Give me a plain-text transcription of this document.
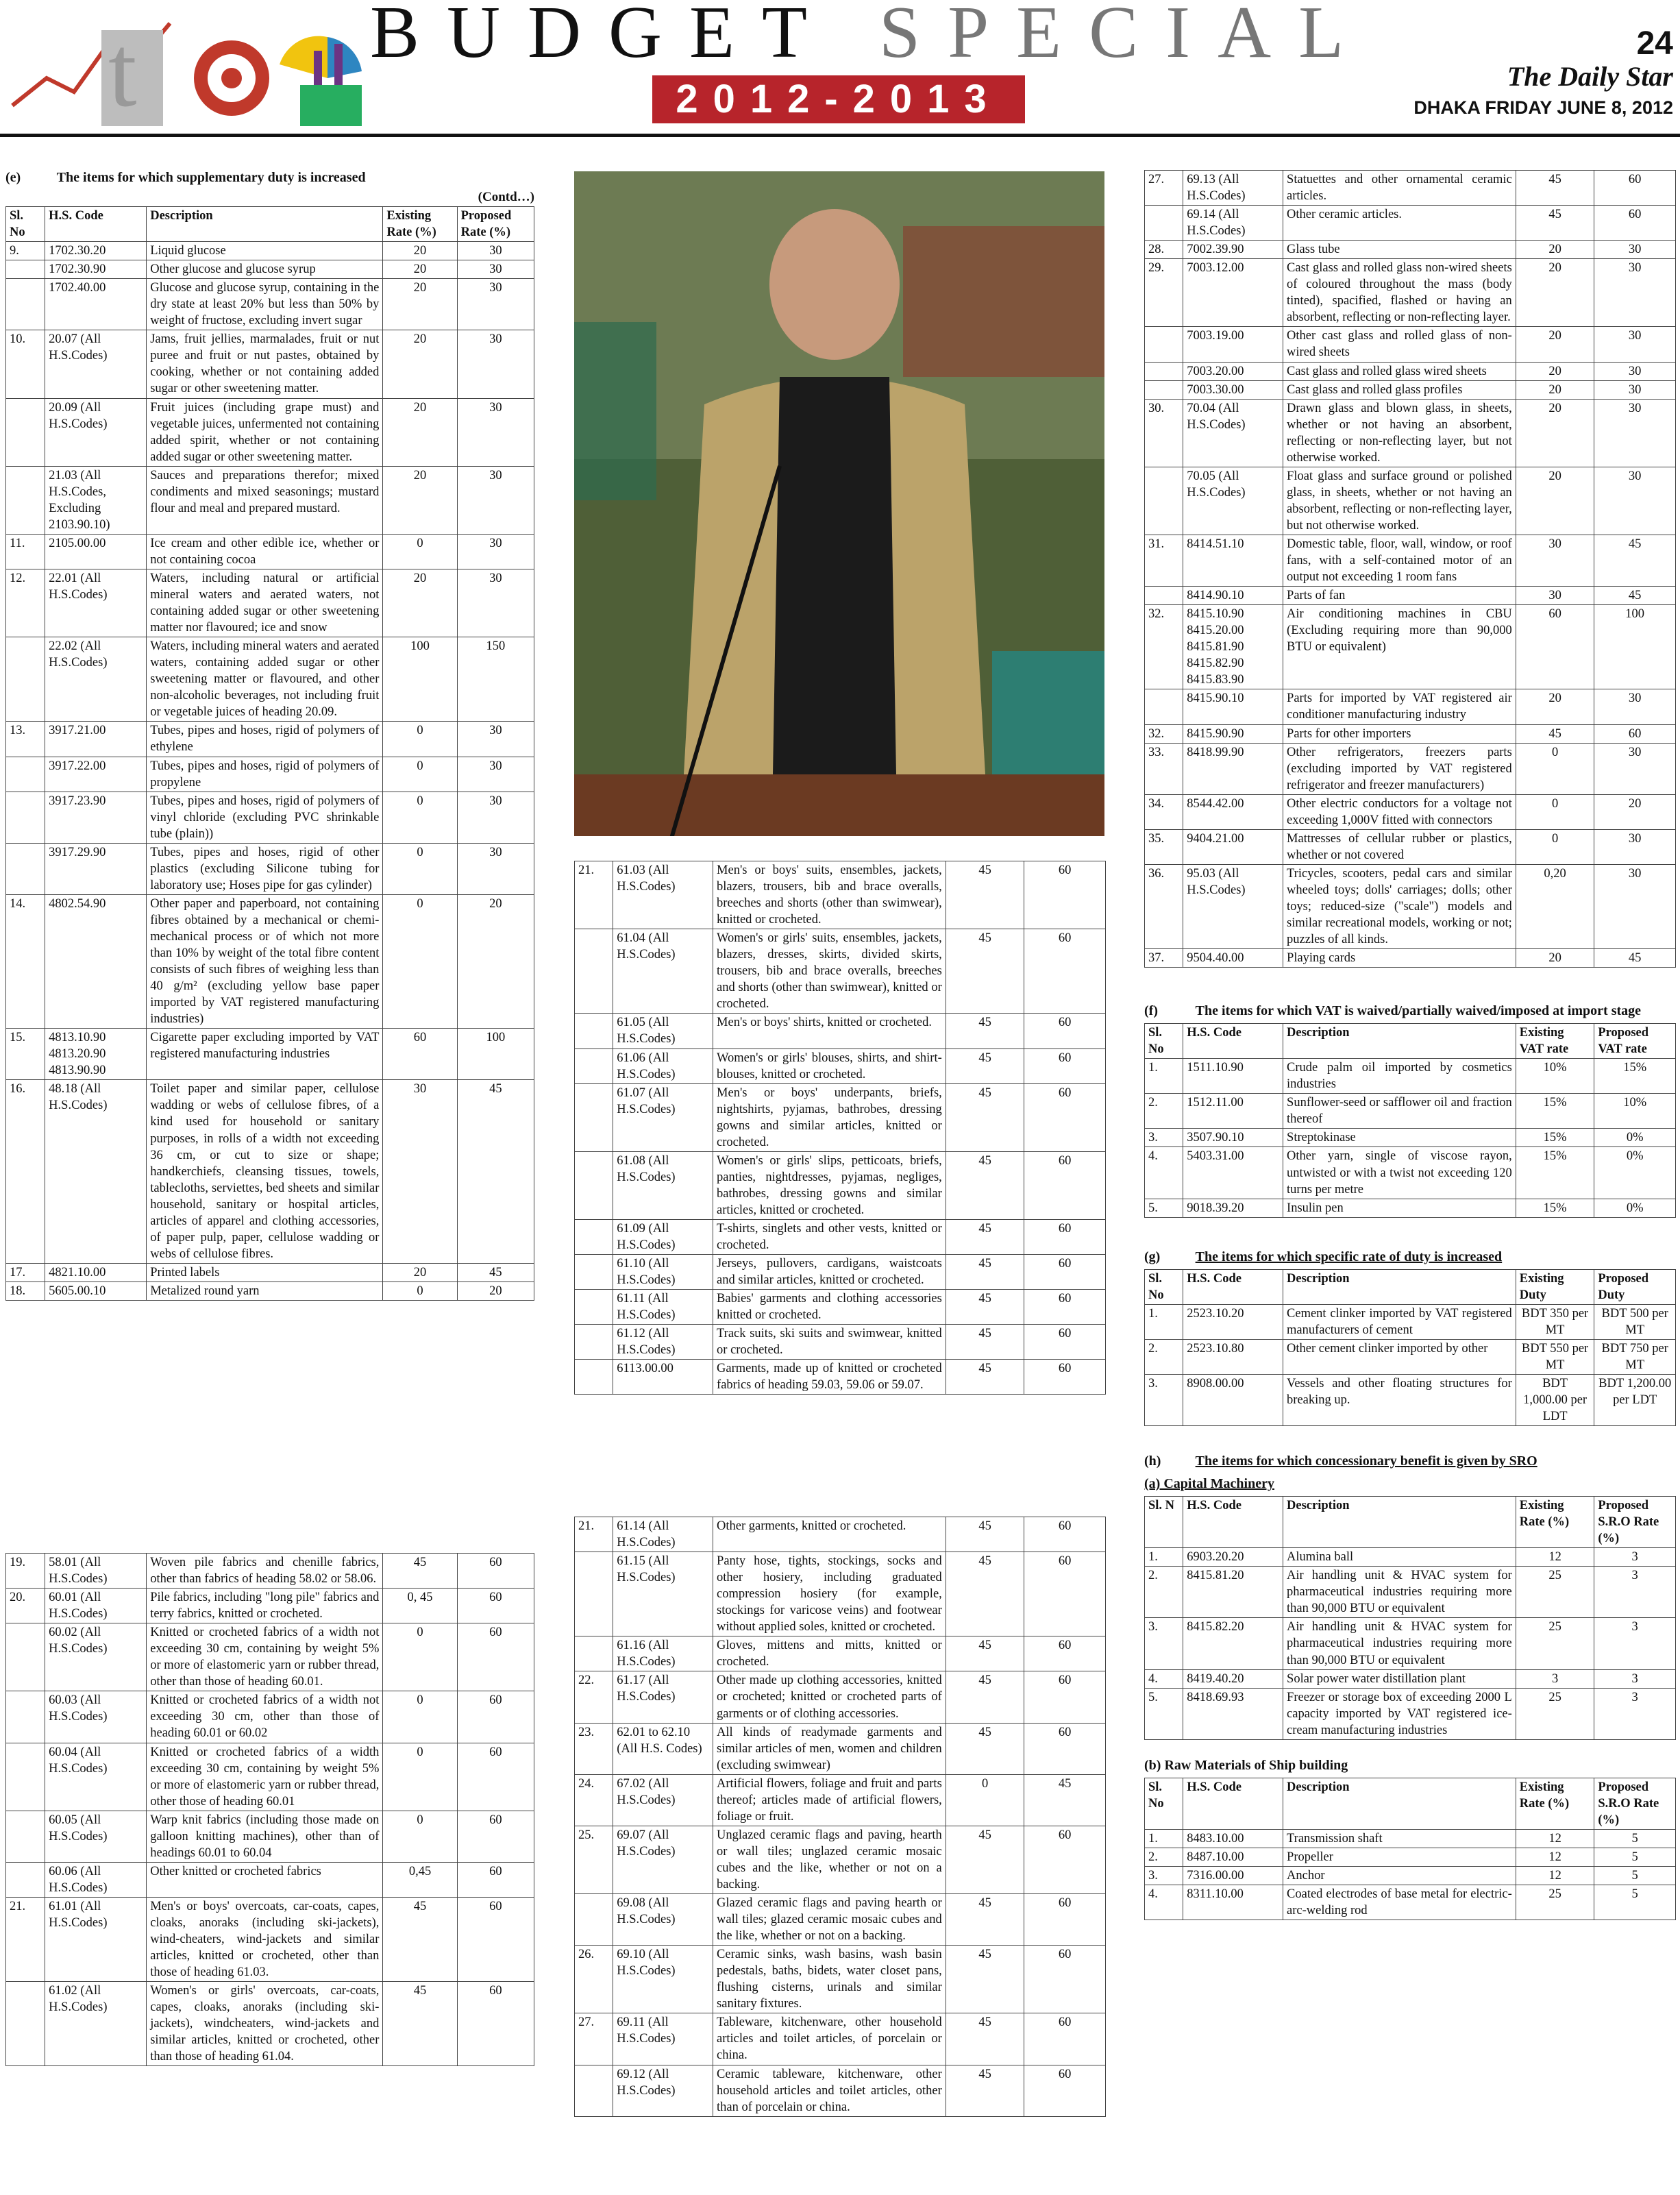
t	BUDGET SPECIAL
2012-2013
24
The Daily Star
DHAKA FRIDAY JUNE 8, 2012
(e)	The items for which supplementary duty is increased
(Contd…)
Sl. No	H.S. Code	Description	Existing Rate (%)	Proposed Rate (%)
9.	1702.30.20	Liquid glucose	20	30
	1702.30.90	Other glucose and glucose syrup	20	30
	1702.40.00	Glucose and glucose syrup, containing in the dry state at least 20% but less than 50% by weight of fructose, excluding invert sugar	20	30
10.	20.07 (All H.S.Codes)	Jams, fruit jellies, marmalades, fruit or nut puree and fruit or nut pastes, obtained by cooking, whether or not containing added sugar or other sweetening matter.	20	30
	20.09 (All H.S.Codes)	Fruit juices (including grape must) and vegetable juices, unfermented not containing added spirit, whether or not containing added sugar or other sweetening matter.	20	30
	21.03 (All H.S.Codes, Excluding 2103.90.10)	Sauces and preparations therefor; mixed condiments and mixed seasonings; mustard flour and meal and prepared mustard.	20	30
11.	2105.00.00	Ice cream and other edible ice, whether or not containing cocoa	0	30
12.	22.01 (All H.S.Codes)	Waters, including natural or artificial mineral waters and aerated waters, not containing added sugar or other sweetening matter nor flavoured; ice and snow	20	30
	22.02 (All H.S.Codes)	Waters, including mineral waters and aerated waters, containing added sugar or other sweetening matter or flavoured, and other non-alcoholic beverages, not including fruit or vegetable juices of heading 20.09.	100	150
13.	3917.21.00	Tubes, pipes and hoses, rigid of polymers of ethylene	0	30
	3917.22.00	Tubes, pipes and hoses, rigid of polymers of propylene	0	30
	3917.23.90	Tubes, pipes and hoses, rigid of polymers of vinyl chloride (excluding PVC shrinkable tube (plain))	0	30
	3917.29.90	Tubes, pipes and hoses, rigid of other plastics (excluding Silicone tubing for laboratory use; Hoses pipe for gas cylinder)	0	30
14.	4802.54.90	Other paper and paperboard, not containing fibres obtained by a mechanical or chemi-mechanical process or of which not more than 10% by weight of the total fibre content consists of such fibres of weighing less than 40 g/m² (excluding yellow base paper imported by VAT registered manufacturing industries)	0	20
15.	4813.10.90 4813.20.90 4813.90.90	Cigarette paper excluding imported by VAT registered manufacturing industries	60	100
16.	48.18 (All H.S.Codes)	Toilet paper and similar paper, cellulose wadding or webs of cellulose fibres, of a kind used for household or sanitary purposes, in rolls of a width not exceeding 36 cm, or cut to size or shape; handkerchiefs, cleansing tissues, towels, tablecloths, serviettes, bed sheets and similar household, sanitary or hospital articles, articles of apparel and clothing accessories, of paper pulp, paper, cellulose wadding or webs of cellulose fibres.	30	45
17.	4821.10.00	Printed labels	20	45
18.	5605.00.10	Metalized round yarn	0	20
19.	58.01 (All H.S.Codes)	Woven pile fabrics and chenille fabrics, other than fabrics of heading 58.02 or 58.06.	45	60
20.	60.01 (All H.S.Codes)	Pile fabrics, including "long pile" fabrics and terry fabrics, knitted or crocheted.	0, 45	60
	60.02 (All H.S.Codes)	Knitted or crocheted fabrics of a width not exceeding 30 cm, containing by weight 5% or more of elastomeric yarn or rubber thread, other than those of heading 60.01.	0	60
	60.03 (All H.S.Codes)	Knitted or crocheted fabrics of a width not exceeding 30 cm, other than those of heading 60.01 or 60.02	0	60
	60.04 (All H.S.Codes)	Knitted or crocheted fabrics of a width exceeding 30 cm, containing by weight 5% or more of elastomeric yarn or rubber thread, other those of heading 60.01	0	60
	60.05 (All H.S.Codes)	Warp knit fabrics (including those made on galloon knitting machines), other than of headings 60.01 to 60.04	0	60
	60.06 (All H.S.Codes)	Other knitted or crocheted fabrics	0,45	60
21.	61.01 (All H.S.Codes)	Men's or boys' overcoats, car-coats, capes, cloaks, anoraks (including ski-jackets), wind-cheaters, wind-jackets and similar articles, knitted or crocheted, other than those of heading 61.03.	45	60
	61.02 (All H.S.Codes)	Women's or girls' overcoats, car-coats, capes, cloaks, anoraks (including ski-jackets), windcheaters, wind-jackets and similar articles, knitted or crocheted, other than those of heading 61.04.	45	60
21.	61.03 (All H.S.Codes)	Men's or boys' suits, ensembles, jackets, blazers, trousers, bib and brace overalls, breeches and shorts (other than swimwear), knitted or crocheted.	45	60
	61.04 (All H.S.Codes)	Women's or girls' suits, ensembles, jackets, blazers, dresses, skirts, divided skirts, trousers, bib and brace overalls, breeches and shorts (other than swimwear), knitted or crocheted.	45	60
	61.05 (All H.S.Codes)	Men's or boys' shirts, knitted or crocheted.	45	60
	61.06 (All H.S.Codes)	Women's or girls' blouses, shirts, and shirt-blouses, knitted or crocheted.	45	60
	61.07 (All H.S.Codes)	Men's or boys' underpants, briefs, nightshirts, pyjamas, bathrobes, dressing gowns and similar articles, knitted or crocheted.	45	60
	61.08 (All H.S.Codes)	Women's or girls' slips, petticoats, briefs, panties, nightdresses, pyjamas, negliges, bathrobes, dressing gowns and similar articles, knitted or crocheted.	45	60
	61.09 (All H.S.Codes)	T-shirts, singlets and other vests, knitted or crocheted.	45	60
	61.10 (All H.S.Codes)	Jerseys, pullovers, cardigans, waistcoats and similar articles, knitted or crocheted.	45	60
	61.11 (All H.S.Codes)	Babies' garments and clothing accessories knitted or crocheted.	45	60
	61.12 (All H.S.Codes)	Track suits, ski suits and swimwear, knitted or crocheted.	45	60
	6113.00.00	Garments, made up of knitted or crocheted fabrics of heading 59.03, 59.06 or 59.07.	45	60
21.	61.14 (All H.S.Codes)	Other garments, knitted or crocheted.	45	60
	61.15 (All H.S.Codes)	Panty hose, tights, stockings, socks and other hosiery, including graduated compression hosiery (for example, stockings for varicose veins) and footwear without applied soles, knitted or crocheted.	45	60
	61.16 (All H.S.Codes)	Gloves, mittens and mitts, knitted or crocheted.	45	60
22.	61.17 (All H.S.Codes)	Other made up clothing accessories, knitted or crocheted; knitted or crocheted parts of garments or of clothing accessories.	45	60
23.	62.01 to 62.10 (All H.S. Codes)	All kinds of readymade garments and similar articles of men, women and children (excluding swimwear)	45	60
24.	67.02 (All H.S.Codes)	Artificial flowers, foliage and fruit and parts thereof; articles made of artificial flowers, foliage or fruit.	0	45
25.	69.07 (All H.S.Codes)	Unglazed ceramic flags and paving, hearth or wall tiles; unglazed ceramic mosaic cubes and the like, whether or not on a backing.	45	60
	69.08 (All H.S.Codes)	Glazed ceramic flags and paving hearth or wall tiles; glazed ceramic mosaic cubes and the like, whether or not on a backing.	45	60
26.	69.10 (All H.S.Codes)	Ceramic sinks, wash basins, wash basin pedestals, baths, bidets, water closet pans, flushing cisterns, urinals and similar sanitary fixtures.	45	60
27.	69.11 (All H.S.Codes)	Tableware, kitchenware, other household articles and toilet articles, of porcelain or china.	45	60
	69.12 (All H.S.Codes)	Ceramic tableware, kitchenware, other household articles and toilet articles, other than of porcelain or china.	45	60
27.	69.13 (All H.S.Codes)	Statuettes and other ornamental ceramic articles.	45	60
	69.14 (All H.S.Codes)	Other ceramic articles.	45	60
28.	7002.39.90	Glass tube	20	30
29.	7003.12.00	Cast glass and rolled glass non-wired sheets of coloured throughout the mass (body tinted), spacified, flashed or having an absorbent, reflecting or non-reflecting layer.	20	30
	7003.19.00	Other cast glass and rolled glass of non-wired sheets	20	30
	7003.20.00	Cast glass and rolled glass wired sheets	20	30
	7003.30.00	Cast glass and rolled glass profiles	20	30
30.	70.04 (All H.S.Codes)	Drawn glass and blown glass, in sheets, whether or not having an absorbent, reflecting or non-reflecting layer, but not otherwise worked.	20	30
	70.05 (All H.S.Codes)	Float glass and surface ground or polished glass, in sheets, whether or not having an absorbent, reflecting or non-reflecting layer, but not otherwise worked.	20	30
31.	8414.51.10	Domestic table, floor, wall, window, or roof fans, with a self-contained motor of an output not exceeding 1 room fans	30	45
	8414.90.10	Parts of fan	30	45
32.	8415.10.90 8415.20.00 8415.81.90 8415.82.90 8415.83.90	Air conditioning machines in CBU (Excluding requiring more than 90,000 BTU or equivalent)	60	100
	8415.90.10	Parts for imported by VAT registered air conditioner manufacturing industry	20	30
32.	8415.90.90	Parts for other importers	45	60
33.	8418.99.90	Other refrigerators, freezers parts (excluding imported by VAT registered refrigerator and freezer manufacturers)	0	30
34.	8544.42.00	Other electric conductors for a voltage not exceeding 1,000V fitted with connectors	0	20
35.	9404.21.00	Mattresses of cellular rubber or plastics, whether or not covered	0	30
36.	95.03 (All H.S.Codes)	Tricycles, scooters, pedal cars and similar wheeled toys; dolls' carriages; dolls; other toys; reduced-size ("scale") models and similar recreational models, working or not; puzzles of all kinds.	0,20	30
37.	9504.40.00	Playing cards	20	45
(f)	The items for which VAT is waived/partially waived/imposed at import stage
Sl. No	H.S. Code	Description	Existing VAT rate	Proposed VAT rate
1.	1511.10.90	Crude palm oil imported by cosmetics industries	10%	15%
2.	1512.11.00	Sunflower-seed or safflower oil and fraction thereof	15%	10%
3.	3507.90.10	Streptokinase	15%	0%
4.	5403.31.00	Other yarn, single of viscose rayon, untwisted or with a twist not exceeding 120 turns per metre	15%	0%
5.	9018.39.20	Insulin pen	15%	0%
(g)	The items for which specific rate of duty is increased
Sl. No	H.S. Code	Description	Existing Duty	Proposed Duty
1.	2523.10.20	Cement clinker imported by VAT registered manufacturers of cement	BDT 350 per MT	BDT 500 per MT
2.	2523.10.80	Other cement clinker imported by other	BDT 550 per MT	BDT 750 per MT
3.	8908.00.00	Vessels and other floating structures for breaking up.	BDT 1,000.00 per LDT	BDT 1,200.00 per LDT
(h)	The items for which concessionary benefit is given by SRO
(a) Capital Machinery
Sl. N	H.S. Code	Description	Existing Rate (%)	Proposed S.R.O Rate (%)
1.	6903.20.20	Alumina ball	12	3
2.	8415.81.20	Air handling unit & HVAC system for pharmaceutical industries requiring more than 90,000 BTU or equivalent	25	3
3.	8415.82.20	Air handling unit & HVAC system for pharmaceutical industries requiring more than 90,000 BTU or equivalent	25	3
4.	8419.40.20	Solar power water distillation plant	3	3
5.	8418.69.93	Freezer or storage box of exceeding 2000 L capacity imported by VAT registered ice-cream manufacturing industries	25	3
(b) Raw Materials of Ship building
Sl. No	H.S. Code	Description	Existing Rate (%)	Proposed S.R.O Rate (%)
1.	8483.10.00	Transmission shaft	12	5
2.	8487.10.00	Propeller	12	5
3.	7316.00.00	Anchor	12	5
4.	8311.10.00	Coated electrodes of base metal for electric-arc-welding rod	25	5
